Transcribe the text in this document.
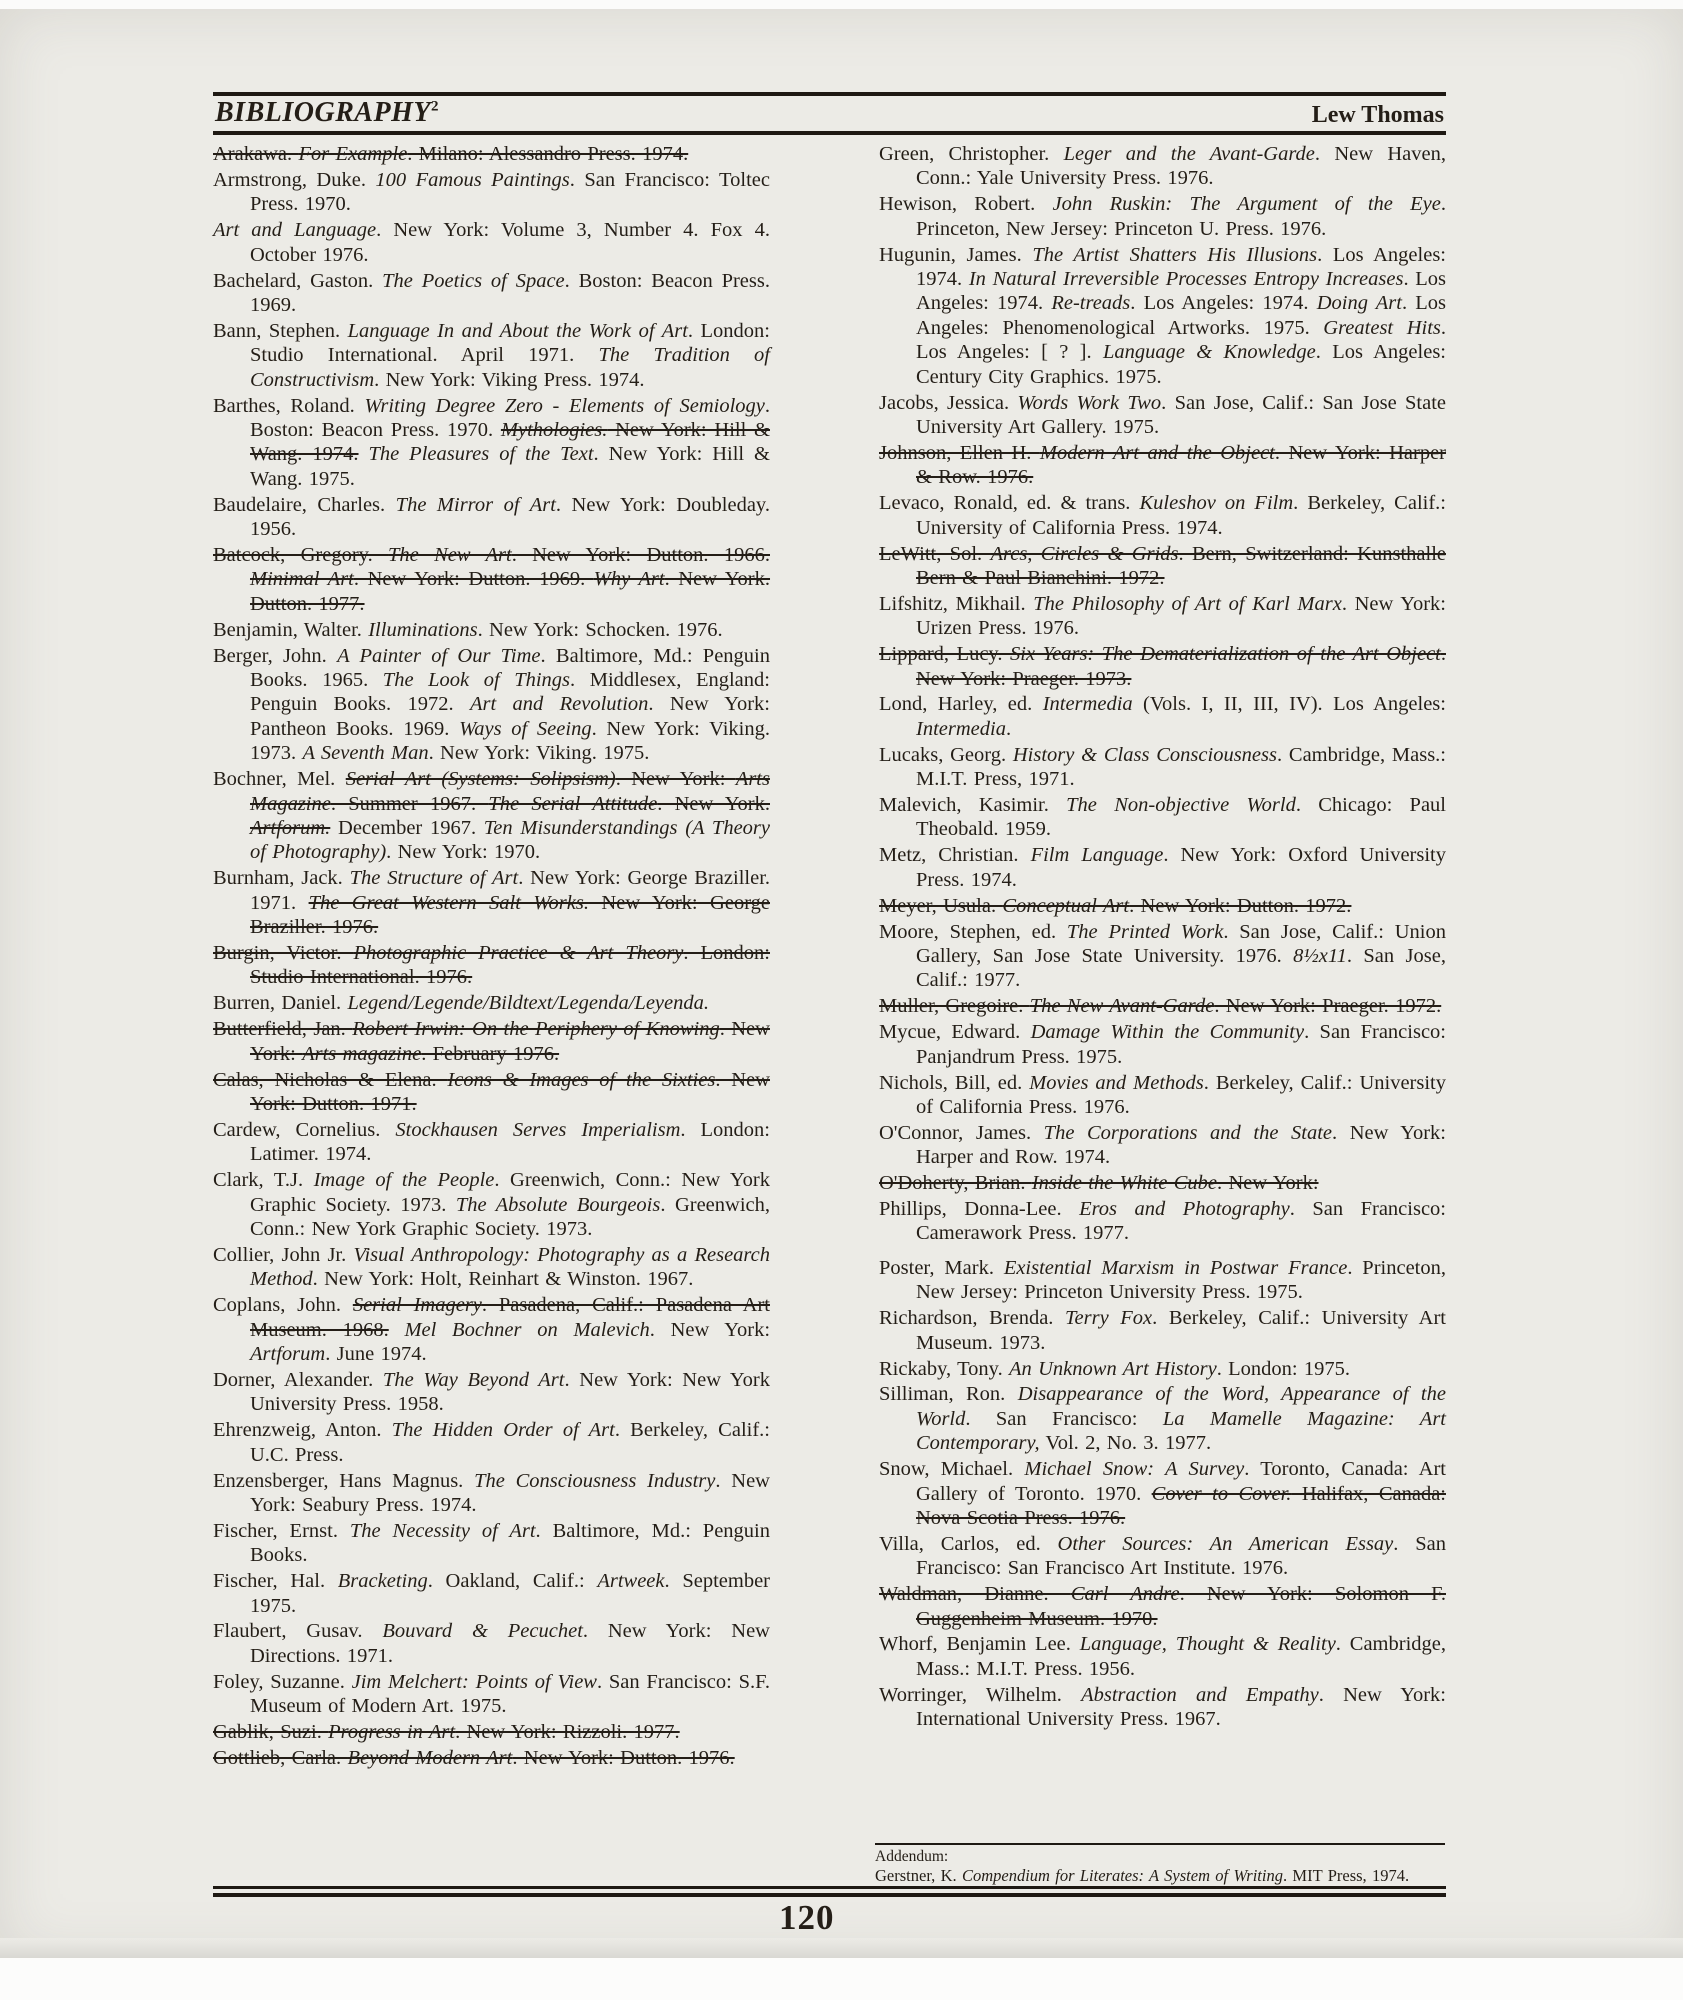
BIBLIOGRAPHY$^2$	Lew Thomas

Arakawa. For Example. Milano: Alessandro Press. 1974.

Armstrong, Duke. 100 Famous Paintings. San Francisco: Toltec Press. 1970.

Art and Language. New York: Volume 3, Number 4. Fox 4. October 1976.

Bachelard, Gaston. The Poetics of Space. Boston: Beacon Press. 1969.

Bann, Stephen. Language In and About the Work of Art. London: Studio International. April 1971. The Tradition of Constructivism. New York: Viking Press. 1974.

Barthes, Roland. Writing Degree Zero - Elements of Semiology. Boston: Beacon Press. 1970. Mythologies. New York: Hill & Wang. 1974. The Pleasures of the Text. New York: Hill & Wang. 1975.

Baudelaire, Charles. The Mirror of Art. New York: Doubleday. 1956.

Batcock, Gregory. The New Art. New York: Dutton. 1966. Minimal Art. New York: Dutton. 1969. Why Art. New York. Dutton. 1977.

Benjamin, Walter. Illuminations. New York: Schocken. 1976.

Berger, John. A Painter of Our Time. Baltimore, Md.: Penguin Books. 1965. The Look of Things. Middlesex, England: Penguin Books. 1972. Art and Revolution. New York: Pantheon Books. 1969. Ways of Seeing. New York: Viking. 1973. A Seventh Man. New York: Viking. 1975.

Bochner, Mel. Serial Art (Systems: Solipsism). New York: Arts Magazine. Summer 1967. The Serial Attitude. New York. Artforum. December 1967. Ten Misunderstandings (A Theory of Photography). New York: 1970.

Burnham, Jack. The Structure of Art. New York: George Braziller. 1971. The Great Western Salt Works. New York: George Braziller. 1976.

Burgin, Victor. Photographic Practice & Art Theory. London: Studio International. 1976.

Burren, Daniel. Legend/Legende/Bildtext/Legenda/Leyenda.

Butterfield, Jan. Robert Irwin: On the Periphery of Knowing. New York: Arts magazine. February 1976.

Calas, Nicholas & Elena. Icons & Images of the Sixties. New York: Dutton. 1971.

Cardew, Cornelius. Stockhausen Serves Imperialism. London: Latimer. 1974.

Clark, T.J. Image of the People. Greenwich, Conn.: New York Graphic Society. 1973. The Absolute Bourgeois. Greenwich, Conn.: New York Graphic Society. 1973.

Collier, John Jr. Visual Anthropology: Photography as a Research Method. New York: Holt, Reinhart & Winston. 1967.

Coplans, John. Serial Imagery. Pasadena, Calif.: Pasadena Art Museum. 1968. Mel Bochner on Malevich. New York: Artforum. June 1974.

Dorner, Alexander. The Way Beyond Art. New York: New York University Press. 1958.

Ehrenzweig, Anton. The Hidden Order of Art. Berkeley, Calif.: U.C. Press.

Enzensberger, Hans Magnus. The Consciousness Industry. New York: Seabury Press. 1974.

Fischer, Ernst. The Necessity of Art. Baltimore, Md.: Penguin Books.

Fischer, Hal. Bracketing. Oakland, Calif.: Artweek. September 1975.

Flaubert, Gusav. Bouvard & Pecuchet. New York: New Directions. 1971.

Foley, Suzanne. Jim Melchert: Points of View. San Francisco: S.F. Museum of Modern Art. 1975.

Gablik, Suzi. Progress in Art. New York: Rizzoli. 1977.

Gottlieb, Carla. Beyond Modern Art. New York: Dutton. 1976.

Green, Christopher. Leger and the Avant-Garde. New Haven, Conn.: Yale University Press. 1976.

Hewison, Robert. John Ruskin: The Argument of the Eye. Princeton, New Jersey: Princeton U. Press. 1976.

Hugunin, James. The Artist Shatters His Illusions. Los Angeles: 1974. In Natural Irreversible Processes Entropy Increases. Los Angeles: 1974. Re-treads. Los Angeles: 1974. Doing Art. Los Angeles: Phenomenological Artworks. 1975. Greatest Hits. Los Angeles: [ ? ]. Language & Knowledge. Los Angeles: Century City Graphics. 1975.

Jacobs, Jessica. Words Work Two. San Jose, Calif.: San Jose State University Art Gallery. 1975.

Johnson, Ellen H. Modern Art and the Object. New York: Harper & Row. 1976.

Levaco, Ronald, ed. & trans. Kuleshov on Film. Berkeley, Calif.: University of California Press. 1974.

LeWitt, Sol. Arcs, Circles & Grids. Bern, Switzerland: Kunsthalle Bern & Paul Bianchini. 1972.

Lifshitz, Mikhail. The Philosophy of Art of Karl Marx. New York: Urizen Press. 1976.

Lippard, Lucy. Six Years: The Dematerialization of the Art Object. New York: Praeger. 1973.

Lond, Harley, ed. Intermedia (Vols. I, II, III, IV). Los Angeles: Intermedia.

Lucaks, Georg. History & Class Consciousness. Cambridge, Mass.: M.I.T. Press, 1971.

Malevich, Kasimir. The Non-objective World. Chicago: Paul Theobald. 1959.

Metz, Christian. Film Language. New York: Oxford University Press. 1974.

Meyer, Usula. Conceptual Art. New York: Dutton. 1972.

Moore, Stephen, ed. The Printed Work. San Jose, Calif.: Union Gallery, San Jose State University. 1976. 8½x11. San Jose, Calif.: 1977.

Muller, Gregoire. The New Avant-Garde. New York: Praeger. 1972.

Mycue, Edward. Damage Within the Community. San Francisco: Panjandrum Press. 1975.

Nichols, Bill, ed. Movies and Methods. Berkeley, Calif.: University of California Press. 1976.

O'Connor, James. The Corporations and the State. New York: Harper and Row. 1974.

O'Doherty, Brian. Inside the White Cube. New York:

Phillips, Donna-Lee. Eros and Photography. San Francisco: Camerawork Press. 1977.

Poster, Mark. Existential Marxism in Postwar France. Princeton, New Jersey: Princeton University Press. 1975.

Richardson, Brenda. Terry Fox. Berkeley, Calif.: University Art Museum. 1973.

Rickaby, Tony. An Unknown Art History. London: 1975.

Silliman, Ron. Disappearance of the Word, Appearance of the World. San Francisco: La Mamelle Magazine: Art Contemporary, Vol. 2, No. 3. 1977.

Snow, Michael. Michael Snow: A Survey. Toronto, Canada: Art Gallery of Toronto. 1970. Cover to Cover. Halifax, Canada: Nova Scotia Press. 1976.

Villa, Carlos, ed. Other Sources: An American Essay. San Francisco: San Francisco Art Institute. 1976.

Waldman, Dianne. Carl Andre. New York: Solomon F. Guggenheim Museum. 1970.

Whorf, Benjamin Lee. Language, Thought & Reality. Cambridge, Mass.: M.I.T. Press. 1956.

Worringer, Wilhelm. Abstraction and Empathy. New York: International University Press. 1967.

120
Addendum:

Gerstner, K. Compendium for Literates: A System of Writing. MIT Press, 1974.
